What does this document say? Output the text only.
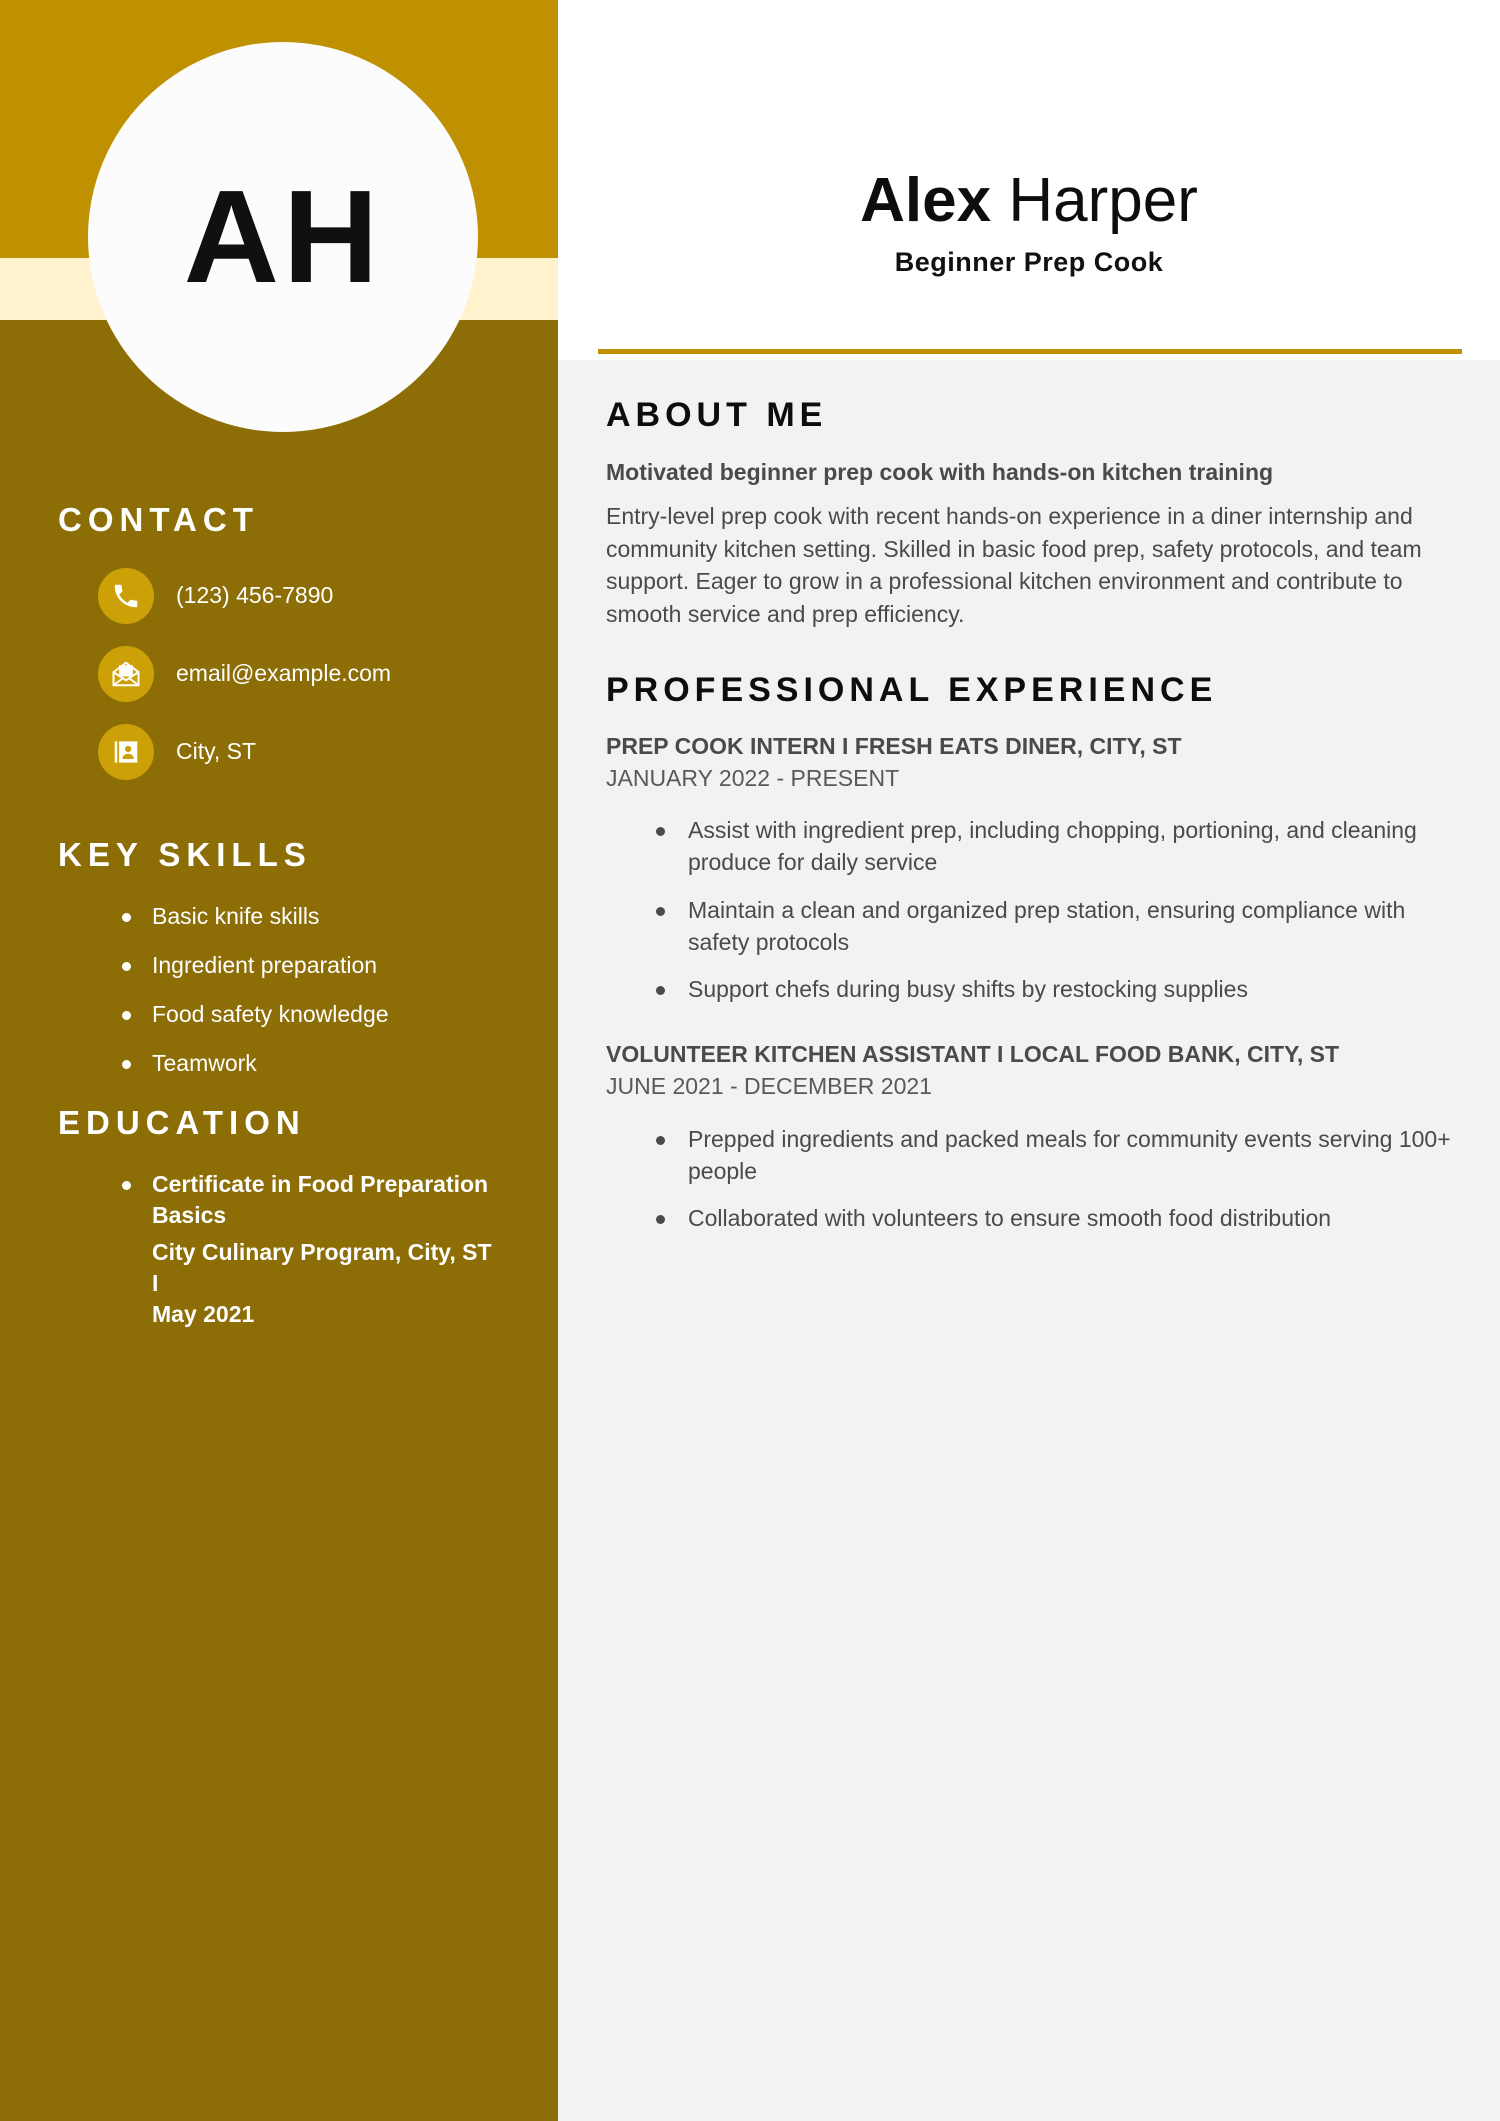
AH
CONTACT
(123) 456-7890
email@example.com
City, ST
KEY SKILLS
Basic knife skills
Ingredient preparation
Food safety knowledge
Teamwork
EDUCATION
Certificate in Food Preparation Basics
City Culinary Program, City, ST I
May 2021
Alex Harper
Beginner Prep Cook
ABOUT ME

Motivated beginner prep cook with hands-on kitchen training

Entry-level prep cook with recent hands-on experience in a diner internship and community kitchen setting. Skilled in basic food prep, safety protocols, and team support. Eager to grow in a professional kitchen environment and contribute to smooth service and prep efficiency.

PROFESSIONAL EXPERIENCE
PREP COOK INTERN I FRESH EATS DINER, CITY, ST
JANUARY 2022 - PRESENT
Assist with ingredient prep, including chopping, portioning, and cleaning produce for daily service
Maintain a clean and organized prep station, ensuring compliance with safety protocols
Support chefs during busy shifts by restocking supplies
VOLUNTEER KITCHEN ASSISTANT I LOCAL FOOD BANK, CITY, ST
JUNE 2021 - DECEMBER 2021
Prepped ingredients and packed meals for community events serving 100+ people
Collaborated with volunteers to ensure smooth food distribution
